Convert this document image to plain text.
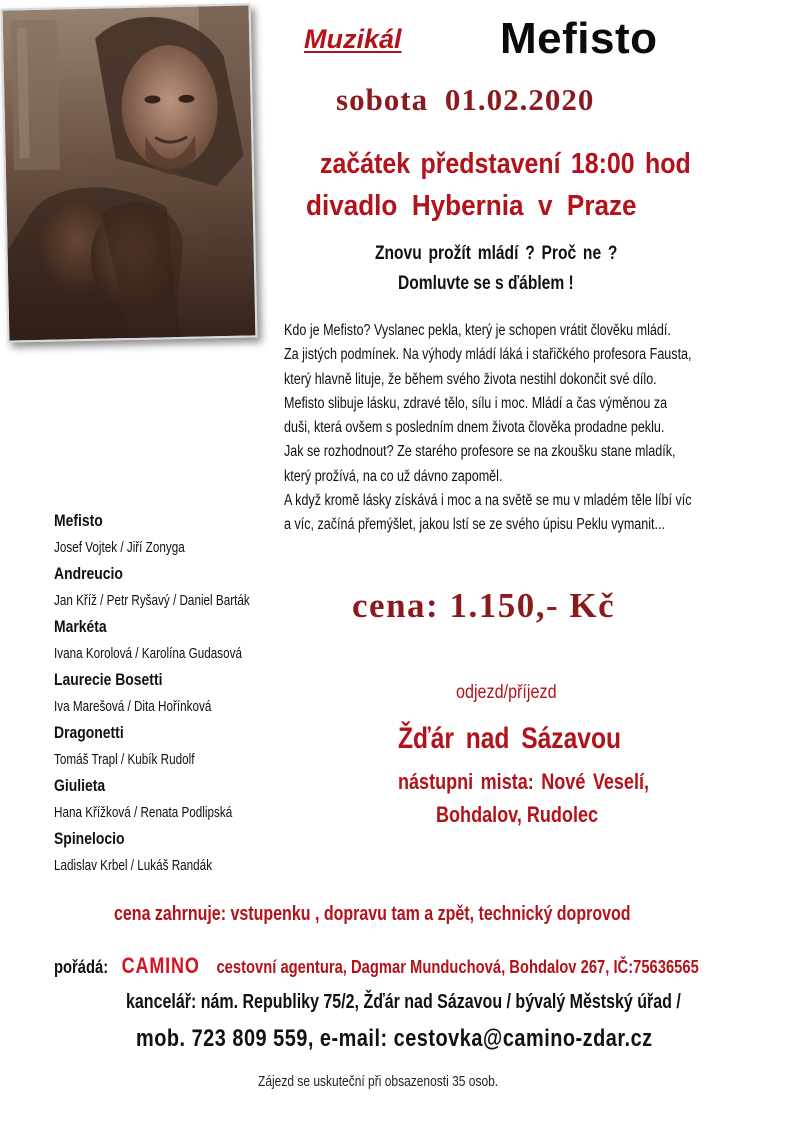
Muzikál Mefisto
sobota 01.02.2020
začátek představení 18:00 hod
divadlo Hybernia v Praze
Znovu prožít mládí ? Proč ne ?
Domluvte se s ďáblem !
Kdo je Mefisto? Vyslanec pekla, který je schopen vrátit člověku mládí.
Za jistých podmínek. Na výhody mládí láká i stařičkého profesora Fausta,
který hlavně lituje, že během svého života nestihl dokončit své dílo.
Mefisto slibuje lásku, zdravé tělo, sílu i moc. Mládí a čas výměnou za
duši, která ovšem s posledním dnem života člověka prodadne peklu.
Jak se rozhodnout? Ze starého profesore se na zkoušku stane mladík,
který prožívá, na co už dávno zapoměl.
A když kromě lásky získává i moc a na světě se mu v mladém těle líbí víc
a víc, začíná přemýšlet, jakou lstí se ze svého úpisu Peklu vymanit...
Mefisto
Josef Vojtek / Jiří Zonyga
Andreucio
Jan Kříž / Petr Ryšavý / Daniel Barták
Markéta
Ivana Korolová / Karolína Gudasová
Laurecie Bosetti
Iva Marešová / Dita Hořínková
Dragonetti
Tomáš Trapl / Kubík Rudolf
Giulieta
Hana Křížková / Renata Podlipská
Spinelocio
Ladislav Krbel / Lukáš Randák
cena: 1.150,- Kč
odjezd/příjezd
Žďár nad Sázavou
nástupni mista: Nové Veselí,
Bohdalov, Rudolec
cena zahrnuje: vstupenku , dopravu tam a zpět, technický doprovod
pořádá: CAMINO cestovní agentura, Dagmar Munduchová, Bohdalov 267, IČ:75636565
kancelář: nám. Republiky 75/2, Žďár nad Sázavou / bývalý Městský úřad /
mob. 723 809 559, e-mail: cestovka@camino-zdar.cz
Zájezd se uskuteční při obsazenosti 35 osob.
